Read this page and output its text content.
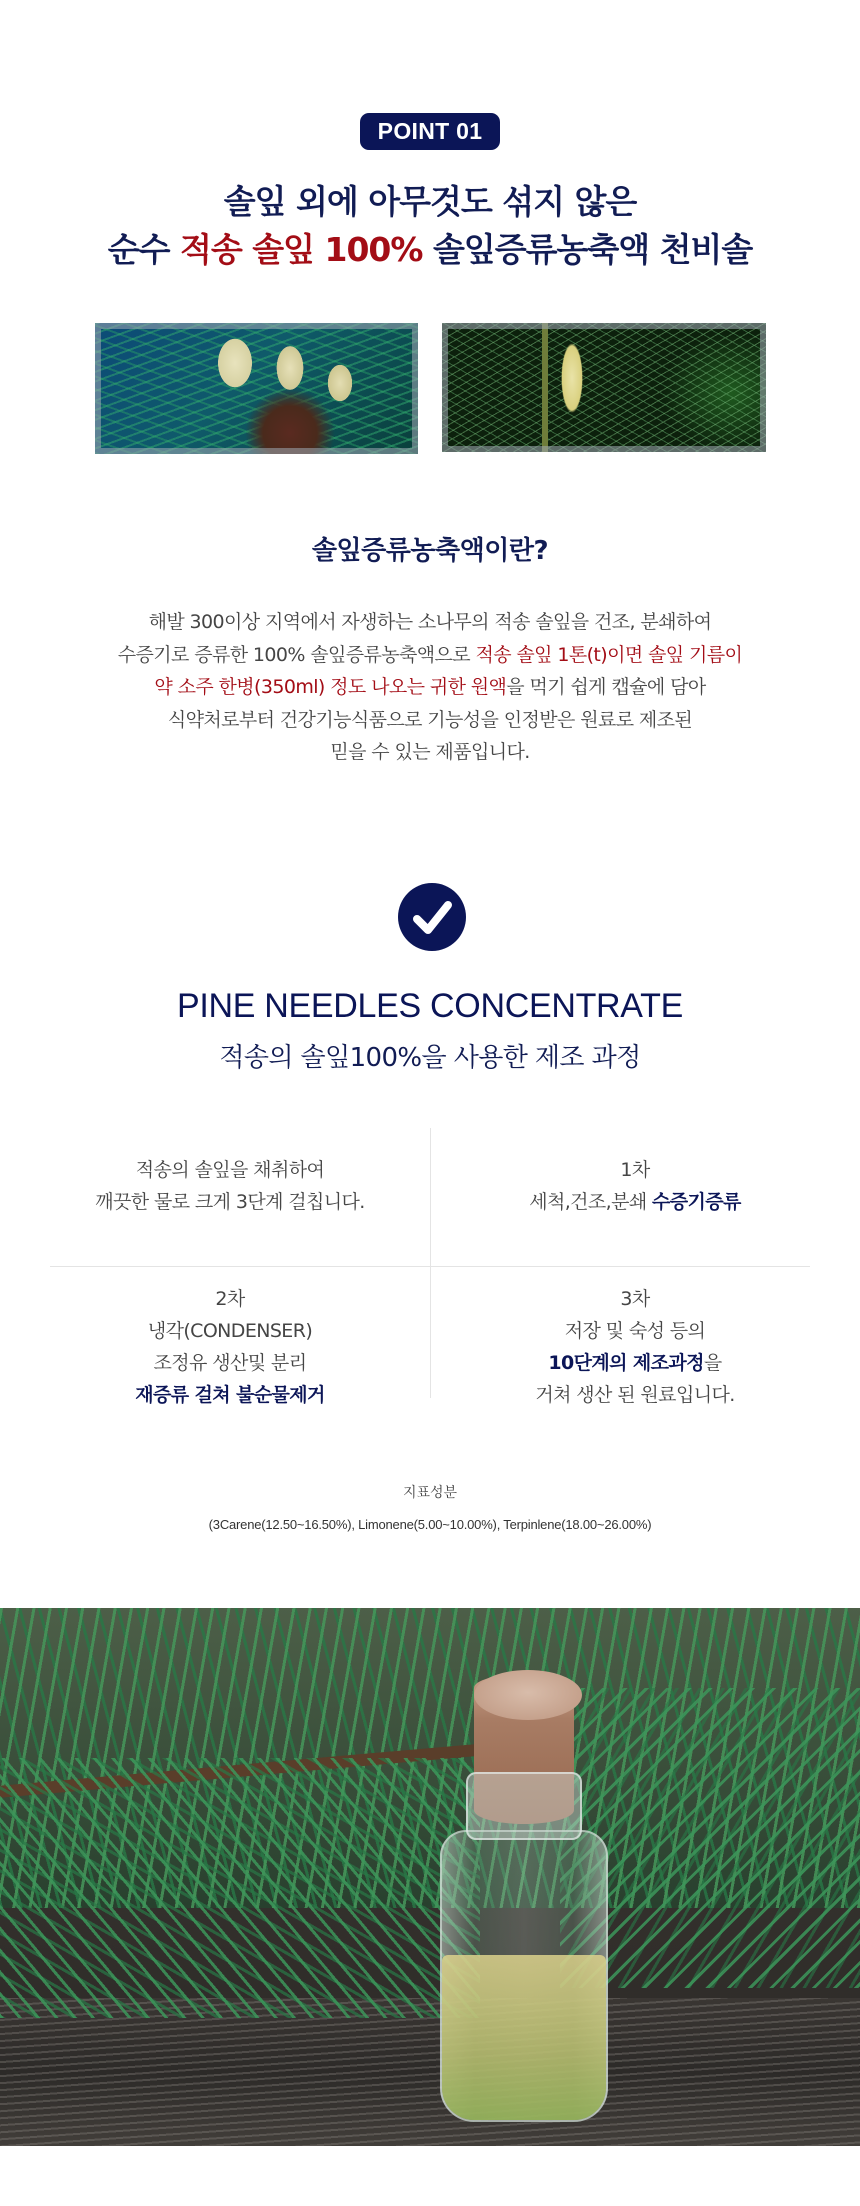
POINT 01
솔잎 외에 아무것도 섞지 않은
순수 적송 솔잎 100% 솔잎증류농축액 천비솔
솔잎증류농축액이란?
해발 300이상 지역에서 자생하는 소나무의 적송 솔잎을 건조, 분쇄하여
수증기로 증류한 100% 솔잎증류농축액으로 적송 솔잎 1톤(t)이면 솔잎 기름이
약 소주 한병(350ml) 정도 나오는 귀한 원액을 먹기 쉽게 캡슐에 담아
식약처로부터 건강기능식품으로 기능성을 인정받은 원료로 제조된
믿을 수 있는 제품입니다.
PINE NEEDLES CONCENTRATE
적송의 솔잎100%을 사용한 제조 과정
적송의 솔잎을 채취하여
깨끗한 물로 크게 3단계 걸칩니다.
1차
세척,건조,분쇄 수증기증류
2차
냉각(CONDENSER)
조정유 생산및 분리
재증류 걸쳐 불순물제거
3차
저장 및 숙성 등의
10단계의 제조과정을
거쳐 생산 된 원료입니다.
지표성분
(3Carene(12.50~16.50%), Limonene(5.00~10.00%), Terpinlene(18.00~26.00%)
